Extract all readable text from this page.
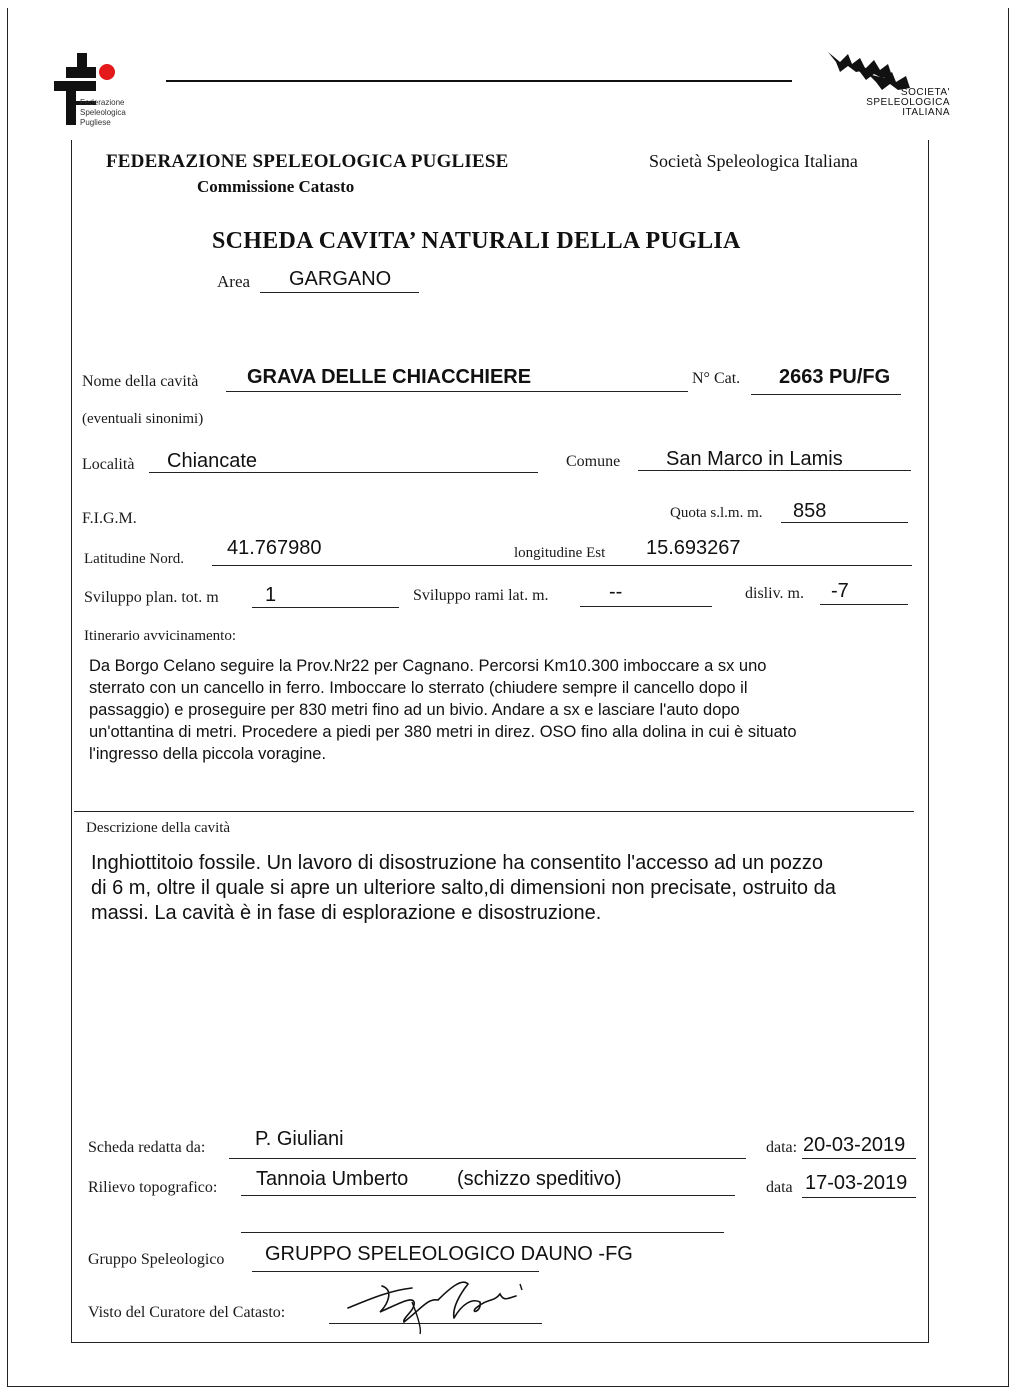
Federazione
Speleologica
Pugliese
SOCIETA'
SPELEOLOGICA
ITALIANA
FEDERAZIONE SPELEOLOGICA PUGLIESE
Commissione Catasto
Società Speleologica Italiana
SCHEDA CAVITA’ NATURALI DELLA PUGLIA
Area GARGANO
Nome della cavità GRAVA DELLE CHIACCHIERE	N° Cat. 2663 PU/FG
(eventuali sinonimi)
Località Chiancate	Comune San Marco in Lamis
F.I.G.M.	Quota s.l.m. m. 858
Latitudine Nord. 41.767980	longitudine Est 15.693267
Sviluppo plan. tot. m 1	Sviluppo rami lat. m.	--	disliv. m. -7
Itinerario avvicinamento:
Da Borgo Celano seguire la Prov.Nr22 per Cagnano. Percorsi Km10.300 imboccare a sx uno
sterrato con un cancello in ferro. Imboccare lo sterrato (chiudere sempre il cancello dopo il
passaggio) e proseguire per 830 metri fino ad un bivio. Andare a sx e lasciare l'auto dopo
un'ottantina di metri. Procedere a piedi per 380 metri in direz. OSO fino alla dolina in cui è situato
l'ingresso della piccola voragine.
Descrizione della cavità
Inghiottitoio fossile. Un lavoro di disostruzione ha consentito l'accesso ad un pozzo
di 6 m, oltre il quale si apre un ulteriore salto,di dimensioni non precisate, ostruito da
massi. La cavità è in fase di esplorazione e disostruzione.
Scheda redatta da: P. Giuliani	data: 20-03-2019
Rilievo topografico: Tannoia Umberto (schizzo speditivo)	data 17-03-2019
Gruppo Speleologico GRUPPO SPELEOLOGICO DAUNO -FG
Visto del Curatore del Catasto:
